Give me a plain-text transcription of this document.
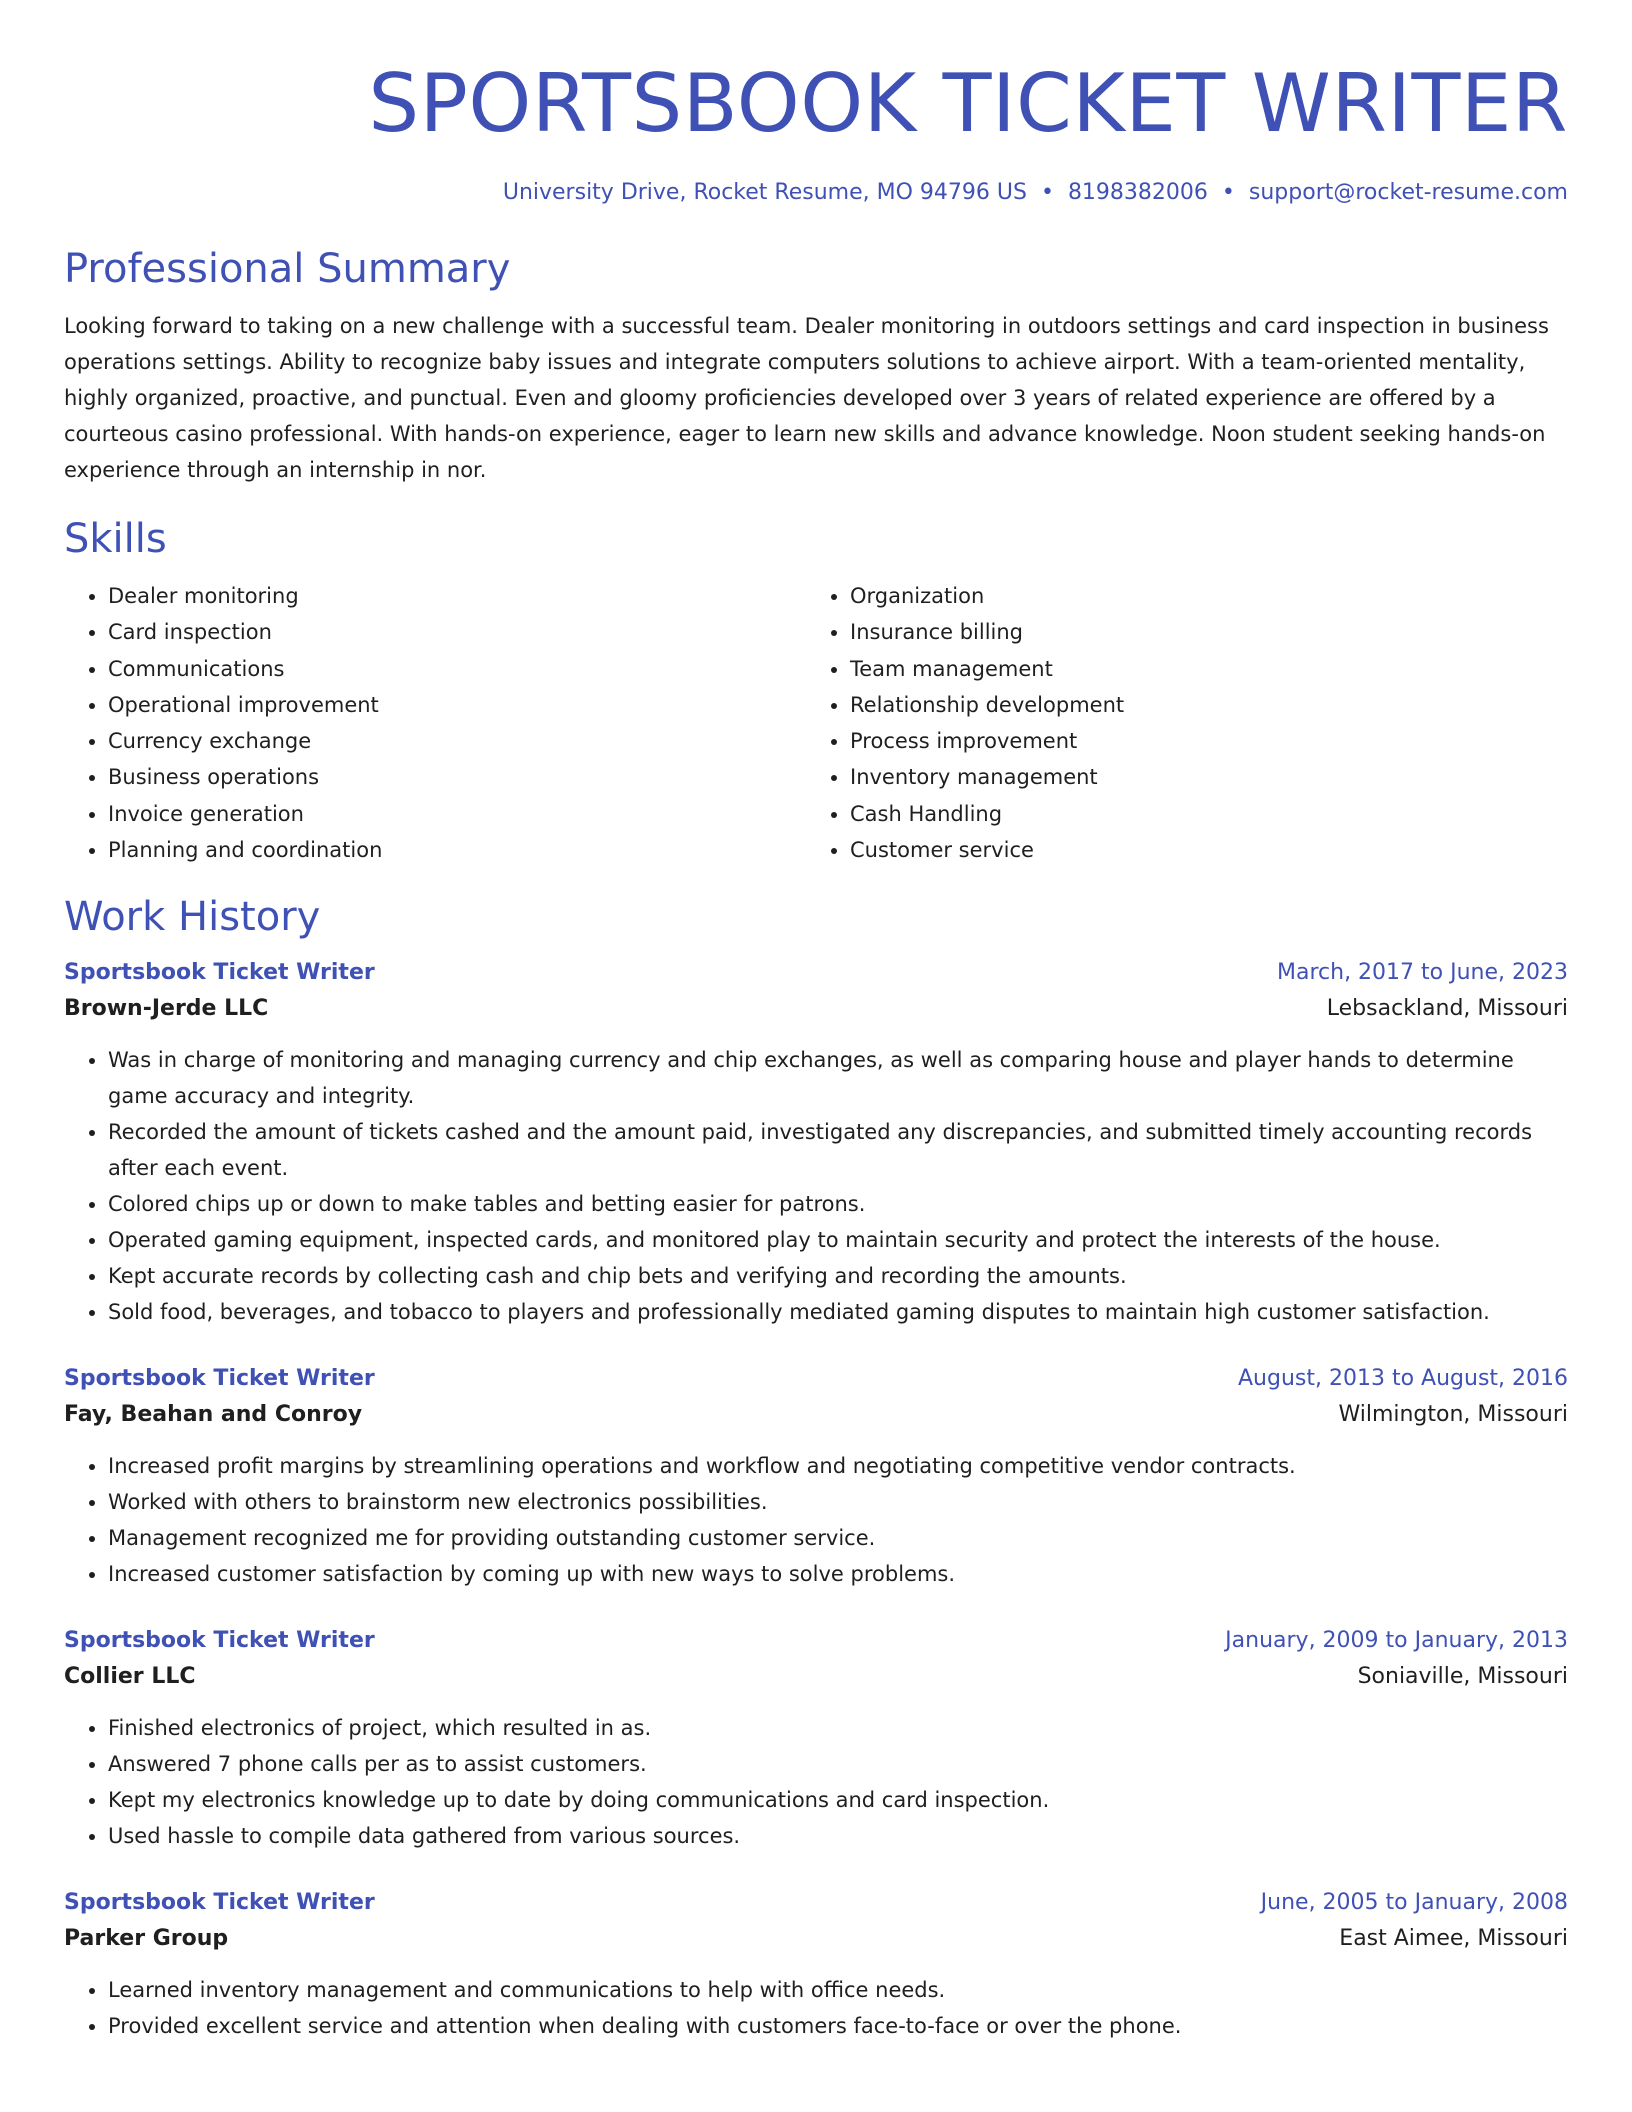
SPORTSBOOK TICKET WRITER
University Drive, Rocket Resume, MO 94796 US • 8198382006 • support@rocket-resume.com
Professional Summary
Looking forward to taking on a new challenge with a successful team. Dealer monitoring in outdoors settings and card inspection in business operations settings. Ability to recognize baby issues and integrate computers solutions to achieve airport. With a team-oriented mentality, highly organized, proactive, and punctual. Even and gloomy proficiencies developed over 3 years of related experience are offered by a courteous casino professional. With hands-on experience, eager to learn new skills and advance knowledge. Noon student seeking hands-on experience through an internship in nor.
Skills
• Dealer monitoring
• Card inspection
• Communications
• Operational improvement
• Currency exchange
• Business operations
• Invoice generation
• Planning and coordination
• Organization
• Insurance billing
• Team management
• Relationship development
• Process improvement
• Inventory management
• Cash Handling
• Customer service
Work History
Sportsbook Ticket Writer	March, 2017 to June, 2023
Brown-Jerde LLC	Lebsackland, Missouri
• Was in charge of monitoring and managing currency and chip exchanges, as well as comparing house and player hands to determine game accuracy and integrity.
• Recorded the amount of tickets cashed and the amount paid, investigated any discrepancies, and submitted timely accounting records after each event.
• Colored chips up or down to make tables and betting easier for patrons.
• Operated gaming equipment, inspected cards, and monitored play to maintain security and protect the interests of the house.
• Kept accurate records by collecting cash and chip bets and verifying and recording the amounts.
• Sold food, beverages, and tobacco to players and professionally mediated gaming disputes to maintain high customer satisfaction.
Sportsbook Ticket Writer	August, 2013 to August, 2016
Fay, Beahan and Conroy	Wilmington, Missouri
• Increased profit margins by streamlining operations and workflow and negotiating competitive vendor contracts.
• Worked with others to brainstorm new electronics possibilities.
• Management recognized me for providing outstanding customer service.
• Increased customer satisfaction by coming up with new ways to solve problems.
Sportsbook Ticket Writer	January, 2009 to January, 2013
Collier LLC	Soniaville, Missouri
• Finished electronics of project, which resulted in as.
• Answered 7 phone calls per as to assist customers.
• Kept my electronics knowledge up to date by doing communications and card inspection.
• Used hassle to compile data gathered from various sources.
Sportsbook Ticket Writer	June, 2005 to January, 2008
Parker Group	East Aimee, Missouri
• Learned inventory management and communications to help with office needs.
• Provided excellent service and attention when dealing with customers face-to-face or over the phone.
